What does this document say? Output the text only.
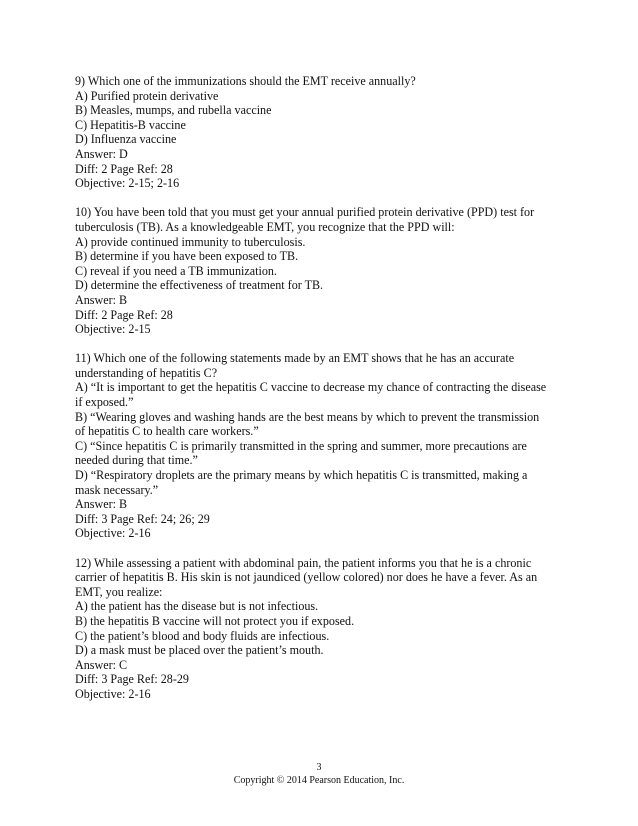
9) Which one of the immunizations should the EMT receive annually?
A) Purified protein derivative
B) Measles, mumps, and rubella vaccine
C) Hepatitis-B vaccine
D) Influenza vaccine
Answer: D
Diff: 2 Page Ref: 28
Objective: 2-15; 2-16
10) You have been told that you must get your annual purified protein derivative (PPD) test for
tuberculosis (TB). As a knowledgeable EMT, you recognize that the PPD will:
A) provide continued immunity to tuberculosis.
B) determine if you have been exposed to TB.
C) reveal if you need a TB immunization.
D) determine the effectiveness of treatment for TB.
Answer: B
Diff: 2 Page Ref: 28
Objective: 2-15
11) Which one of the following statements made by an EMT shows that he has an accurate
understanding of hepatitis C?
A) “It is important to get the hepatitis C vaccine to decrease my chance of contracting the disease
if exposed.”
B) “Wearing gloves and washing hands are the best means by which to prevent the transmission
of hepatitis C to health care workers.”
C) “Since hepatitis C is primarily transmitted in the spring and summer, more precautions are
needed during that time.”
D) “Respiratory droplets are the primary means by which hepatitis C is transmitted, making a
mask necessary.”
Answer: B
Diff: 3 Page Ref: 24; 26; 29
Objective: 2-16
12) While assessing a patient with abdominal pain, the patient informs you that he is a chronic
carrier of hepatitis B. His skin is not jaundiced (yellow colored) nor does he have a fever. As an
EMT, you realize:
A) the patient has the disease but is not infectious.
B) the hepatitis B vaccine will not protect you if exposed.
C) the patient’s blood and body fluids are infectious.
D) a mask must be placed over the patient’s mouth.
Answer: C
Diff: 3 Page Ref: 28-29
Objective: 2-16
3
Copyright © 2014 Pearson Education, Inc.
